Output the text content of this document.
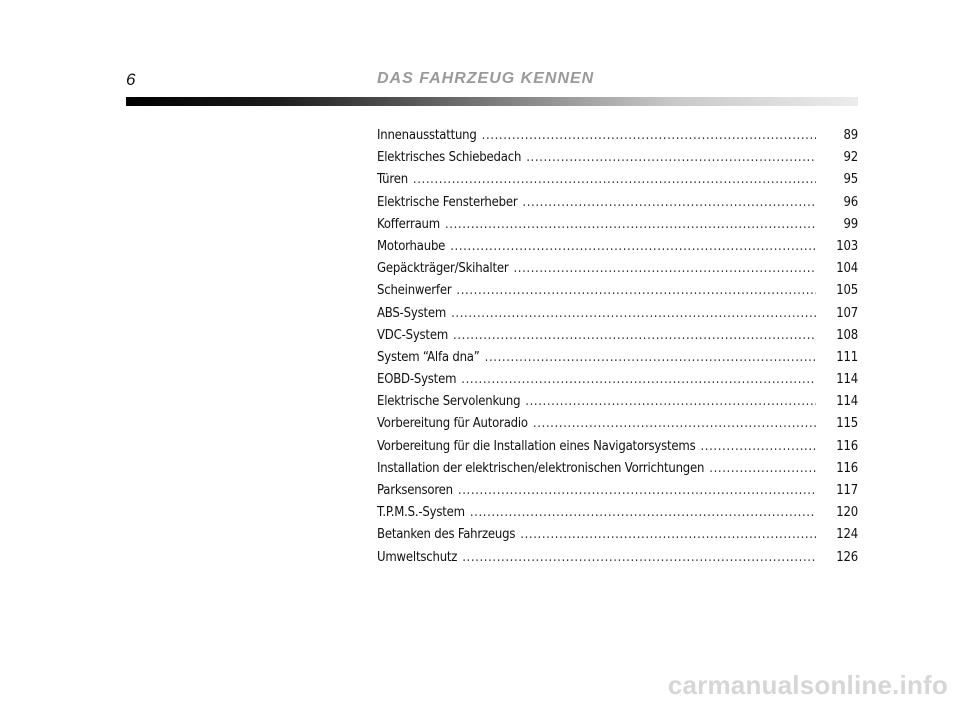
6	DAS FAHRZEUG KENNEN
Innenausstattung .....	89
Elektrisches Schiebedach .....	92
Türen .....	95
Elektrische Fensterheber .....	96
Kofferraum .....	99
Motorhaube .....	103
Gepäckträger/Skihalter .....	104
Scheinwerfer .....	105
ABS-System .....	107
VDC-System .....	108
System “Alfa dna” .....	111
EOBD-System .....	114
Elektrische Servolenkung .....	114
Vorbereitung für Autoradio .....	115
Vorbereitung für die Installation eines Navigatorsystems .....	116
Installation der elektrischen/elektronischen Vorrichtungen .....	116
Parksensoren .....	117
T.P.M.S.-System .....	120
Betanken des Fahrzeugs .....	124
Umweltschutz .....	126
carmanualsonline.info
